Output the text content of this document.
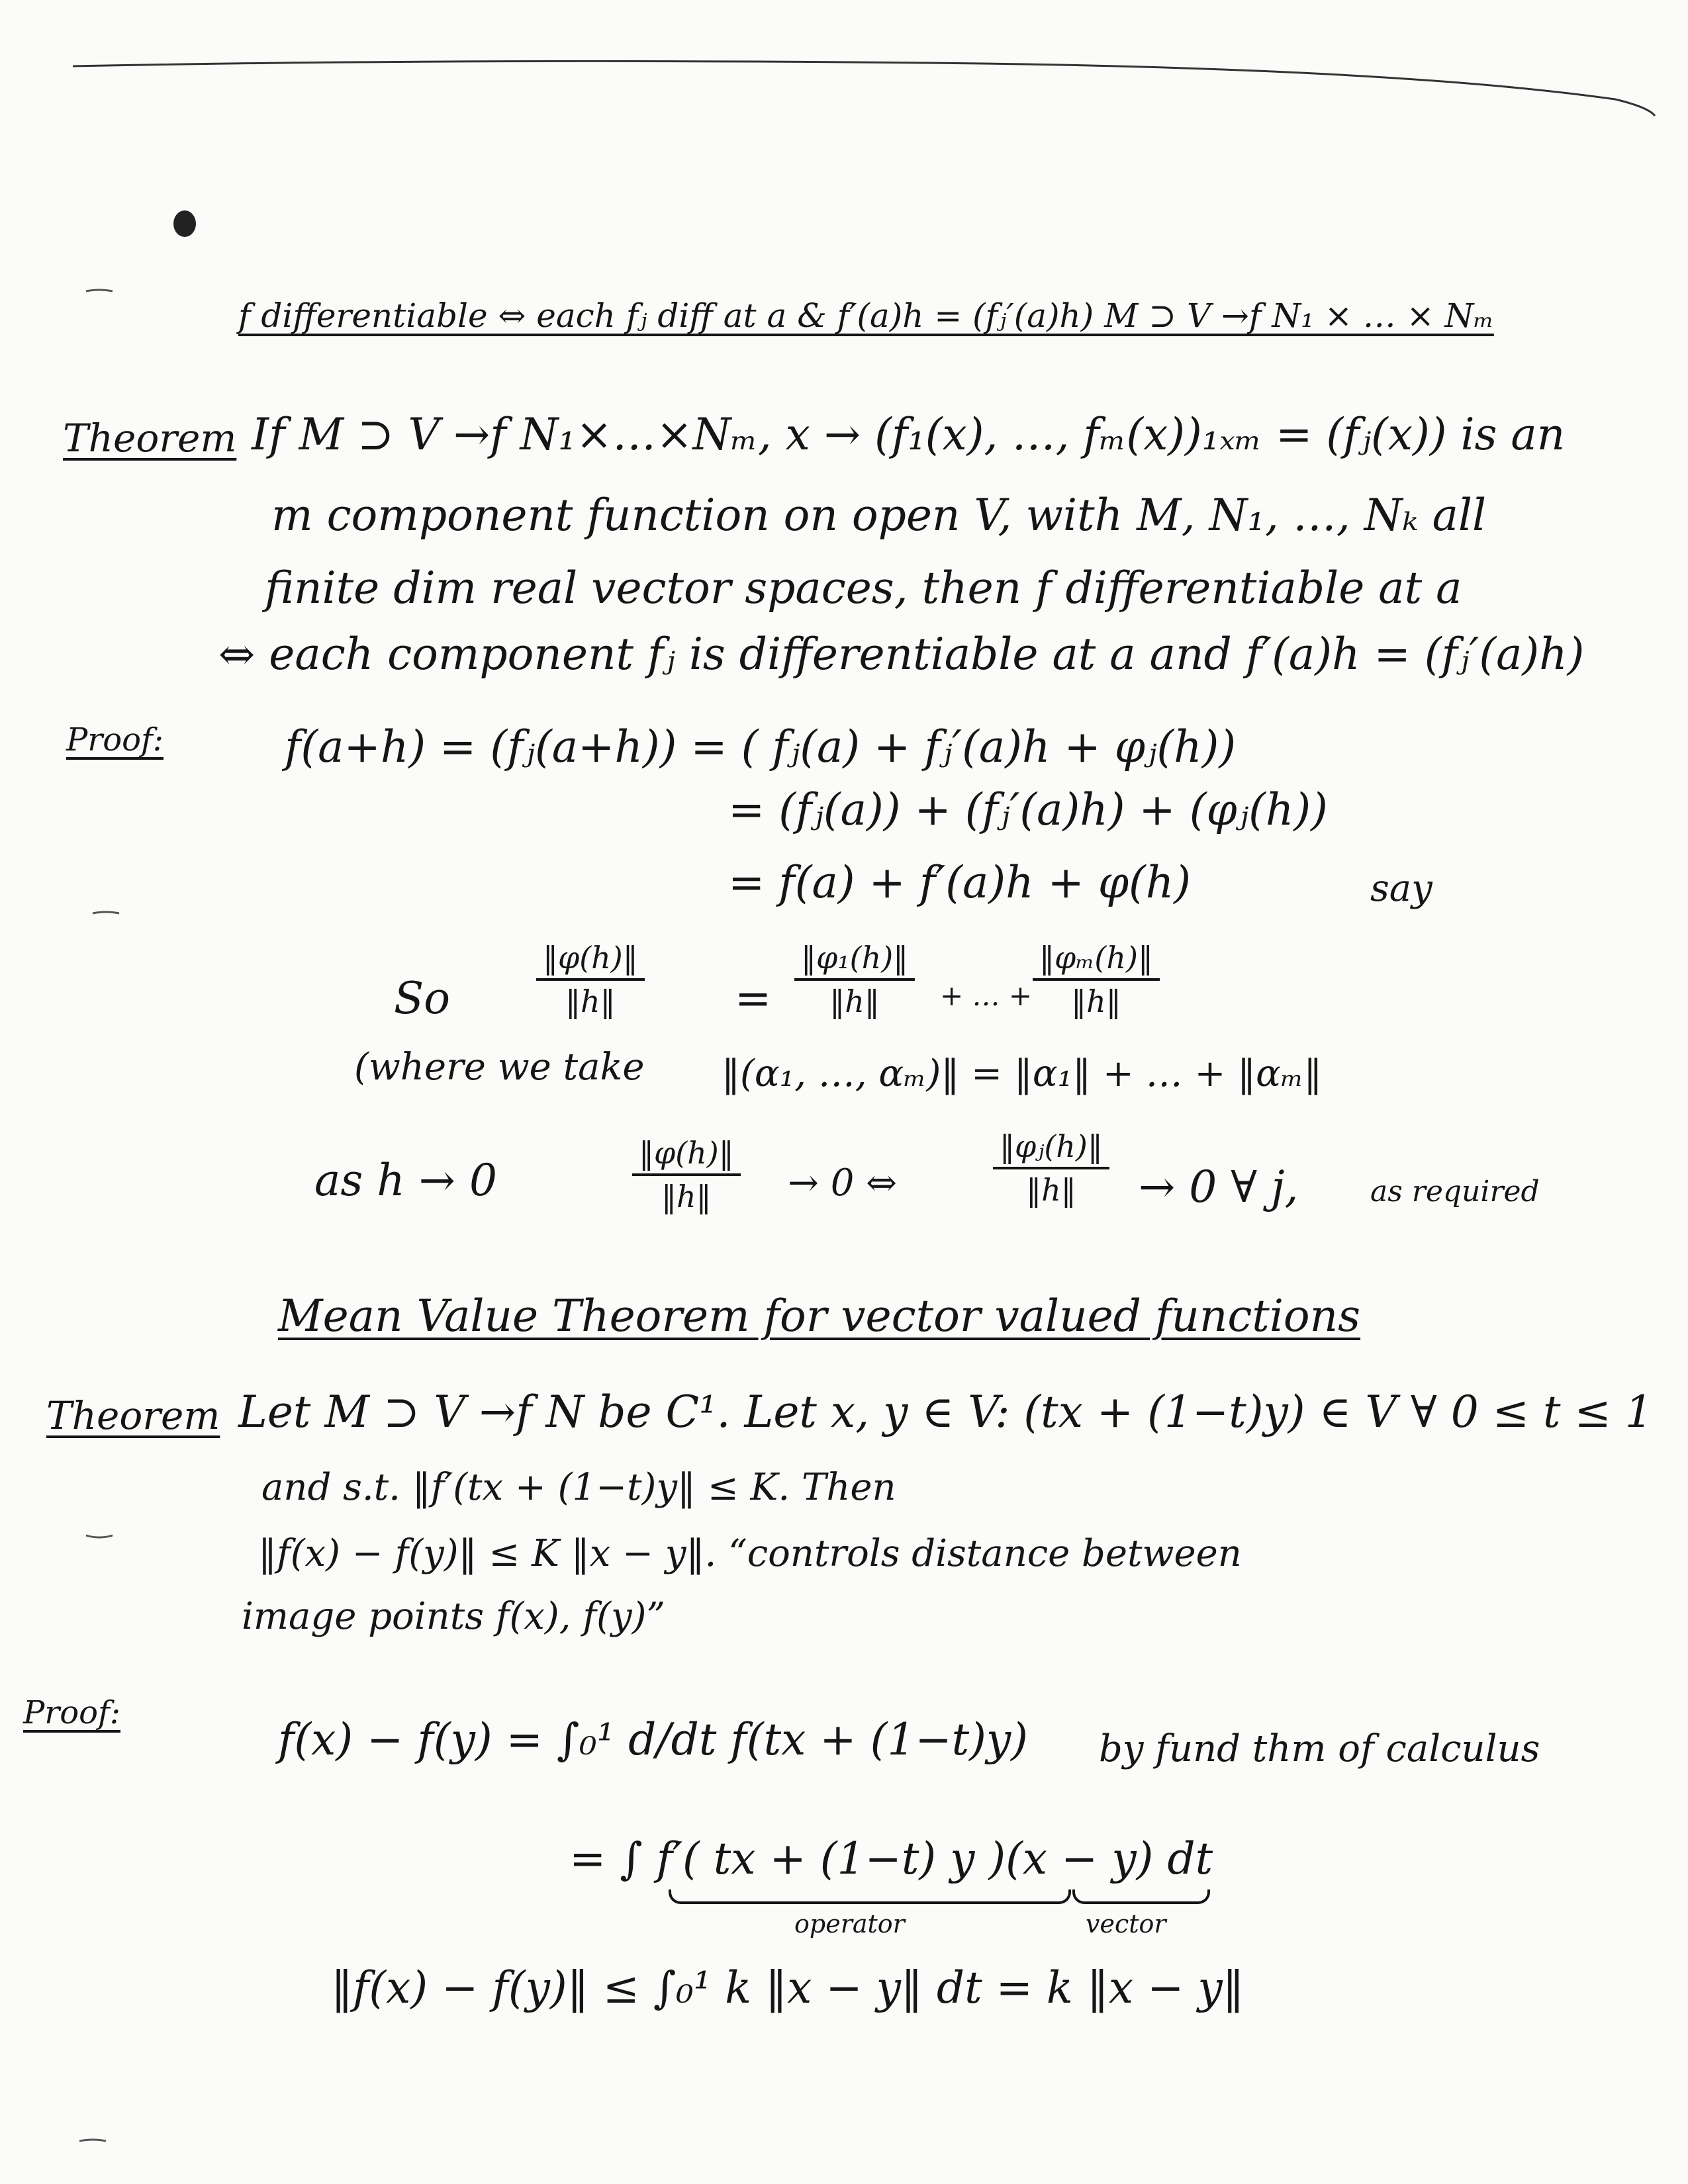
f differentiable ⇔ each fⱼ diff at a & f′(a)h = (fⱼ′(a)h) M ⊃ V →f N₁ × … × Nₘ
Theorem If M ⊃ V →f N₁×…×Nₘ, x → (f₁(x), …, fₘ(x))₁ₓₘ = (fⱼ(x)) is an
m component function on open V, with M, N₁, …, Nₖ all
finite dim real vector spaces, then f differentiable at a
⇔ each component fⱼ is differentiable at a and f′(a)h = (fⱼ′(a)h)
Proof:	f(a+h) = (fⱼ(a+h)) = ( fⱼ(a) + fⱼ′(a)h + φⱼ(h))
= (fⱼ(a)) + (fⱼ′(a)h) + (φⱼ(h))
= f(a) + f′(a)h + φ(h)	say
So	$\frac{‖\varphi(h)‖}{‖h‖} = \frac{\text{‖φ₁(h)‖}}{‖h‖}$ + … + $\frac{\text{‖φₘ(h)‖}}{‖h‖}$
(where we take ‖(α₁, …, αₘ)‖ = ‖α₁‖ + … + ‖αₘ‖
as h → 0	$\frac{‖\varphi(h)‖}{‖h‖} \to 0$ ⇔	$\frac{\text{‖φⱼ(h)‖}}{‖h‖} \to 0$ ∀ j, as required
Mean Value Theorem for vector valued functions
Theorem Let M ⊃ V →f N be C¹. Let x, y ∈ V: (tx + (1−t)y) ∈ V ∀ 0 ≤ t ≤ 1
and s.t. ‖f′(tx + (1−t)y‖ ≤ K. Then
‖f(x) − f(y)‖ ≤ K ‖x − y‖. “controls distance between
image points f(x), f(y)”
Proof:
f(x) − f(y) = ∫₀¹ d/dt f(tx + (1−t)y) by fund thm of calculus
= ∫ f′( tx + (1−t) y )(x − y) dt
operator	vector
‖f(x) − f(y)‖ ≤ ∫₀¹ k ‖x − y‖ dt = k ‖x − y‖
